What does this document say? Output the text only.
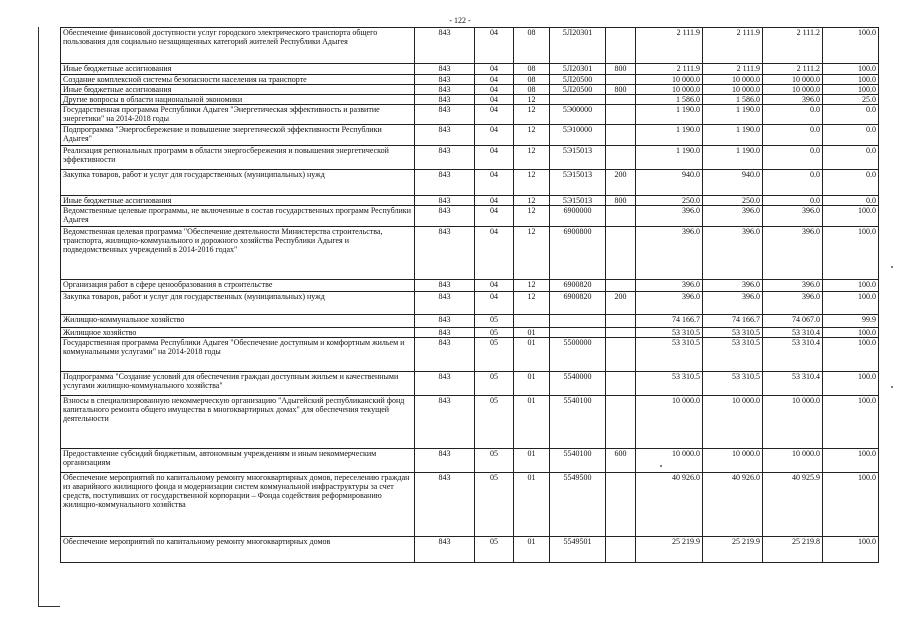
- 122 -
Обеспечение финансовой доступности услуг городского электрического транспорта общего пользования для социально незащищенных категорий жителей Республики Адыгея	843	04	08	5Л20301		2 111.9	2 111.9	2 111.2	100.0
Иные бюджетные ассигнования	843	04	08	5Л20301	800	2 111.9	2 111.9	2 111.2	100.0
Создание комплексной системы безопасности населения на транспорте	843	04	08	5Л20500		10 000.0	10 000.0	10 000.0	100.0
Иные бюджетные ассигнования	843	04	08	5Л20500	800	10 000.0	10 000.0	10 000.0	100.0
Другие вопросы в области национальной экономики	843	04	12			1 586.0	1 586.0	396.0	25.0
Государственная программа Республики Адыгея "Энергетическая эффективность и развитие энергетики" на 2014-2018 годы	843	04	12	5Э00000		1 190.0	1 190.0	0.0	0.0
Подпрограмма "Энергосбережение и повышение энергетической эффективности Республики Адыгея"	843	04	12	5Э10000		1 190.0	1 190.0	0.0	0.0
Реализация региональных программ в области энергосбережения и повышения энергетической эффективности	843	04	12	5Э15013		1 190.0	1 190.0	0.0	0.0
Закупка товаров, работ и услуг для государственных (муниципальных) нужд	843	04	12	5Э15013	200	940.0	940.0	0.0	0.0
Иные бюджетные ассигнования	843	04	12	5Э15013	800	250.0	250.0	0.0	0.0
Ведомственные целевые программы, не включенные в состав государственных программ Республики Адыгея	843	04	12	6900000		396.0	396.0	396.0	100.0
Ведомственная целевая программа "Обеспечение деятельности Министерства строительства, транспорта, жилищно-коммунального и дорожного хозяйства Республики Адыгея и подведомственных учреждений в 2014-2016 годах"	843	04	12	6900800		396.0	396.0	396.0	100.0
Организация работ в сфере ценообразования в строительстве	843	04	12	6900820		396.0	396.0	396.0	100.0
Закупка товаров, работ и услуг для государственных (муниципальных) нужд	843	04	12	6900820	200	396.0	396.0	396.0	100.0
Жилищно-коммунальное хозяйство	843	05				74 166.7	74 166.7	74 067.0	99.9
Жилищное хозяйство	843	05	01			53 310.5	53 310.5	53 310.4	100.0
Государственная программа Республики Адыгея "Обеспечение доступным и комфортным жильем и коммунальными услугами" на 2014-2018 годы	843	05	01	5500000		53 310.5	53 310.5	53 310.4	100.0
Подпрограмма "Создание условий для обеспечения граждан доступным жильем и качественными услугами жилищно-коммунального хозяйства"	843	05	01	5540000		53 310.5	53 310.5	53 310.4	100.0
Взносы в специализированную некоммерческую организацию "Адыгейский республиканский фонд капитального ремонта общего имущества в многоквартирных домах" для обеспечения текущей деятельности	843	05	01	5540100		10 000.0	10 000.0	10 000.0	100.0
Предоставление субсидий бюджетным, автономным учреждениям и иным некоммерческим организациям	843	05	01	5540100	600	10 000.0	10 000.0	10 000.0	100.0
Обеспечение мероприятий по капитальному ремонту многоквартирных домов, переселению граждан из аварийного жилищного фонда и модернизации систем коммунальной инфраструктуры за счет средств, поступивших от государственной корпорации – Фонда содействия реформированию жилищно-коммунального хозяйства	843	05	01	5549500		40 926.0	40 926.0	40 925.9	100.0
Обеспечение мероприятий по капитальному ремонту многоквартирных домов	843	05	01	5549501		25 219.9	25 219.9	25 219.8	100.0
